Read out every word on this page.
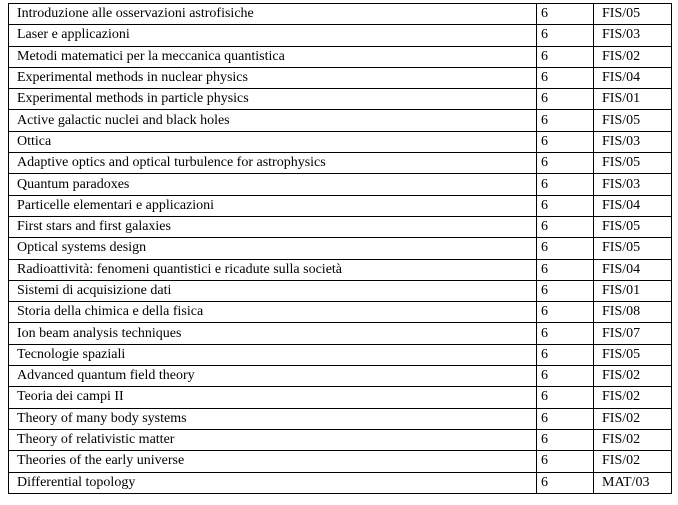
Introduzione alle osservazioni astrofisiche	6	FIS/05
Laser e applicazioni	6	FIS/03
Metodi matematici per la meccanica quantistica	6	FIS/02
Experimental methods in nuclear physics	6	FIS/04
Experimental methods in particle physics	6	FIS/01
Active galactic nuclei and black holes	6	FIS/05
Ottica	6	FIS/03
Adaptive optics and optical turbulence for astrophysics	6	FIS/05
Quantum paradoxes	6	FIS/03
Particelle elementari e applicazioni	6	FIS/04
First stars and first galaxies	6	FIS/05
Optical systems design	6	FIS/05
Radioattività: fenomeni quantistici e ricadute sulla società	6	FIS/04
Sistemi di acquisizione dati	6	FIS/01
Storia della chimica e della fisica	6	FIS/08
Ion beam analysis techniques	6	FIS/07
Tecnologie spaziali	6	FIS/05
Advanced quantum field theory	6	FIS/02
Teoria dei campi II	6	FIS/02
Theory of many body systems	6	FIS/02
Theory of relativistic matter	6	FIS/02
Theories of the early universe	6	FIS/02
Differential topology	6	MAT/03
